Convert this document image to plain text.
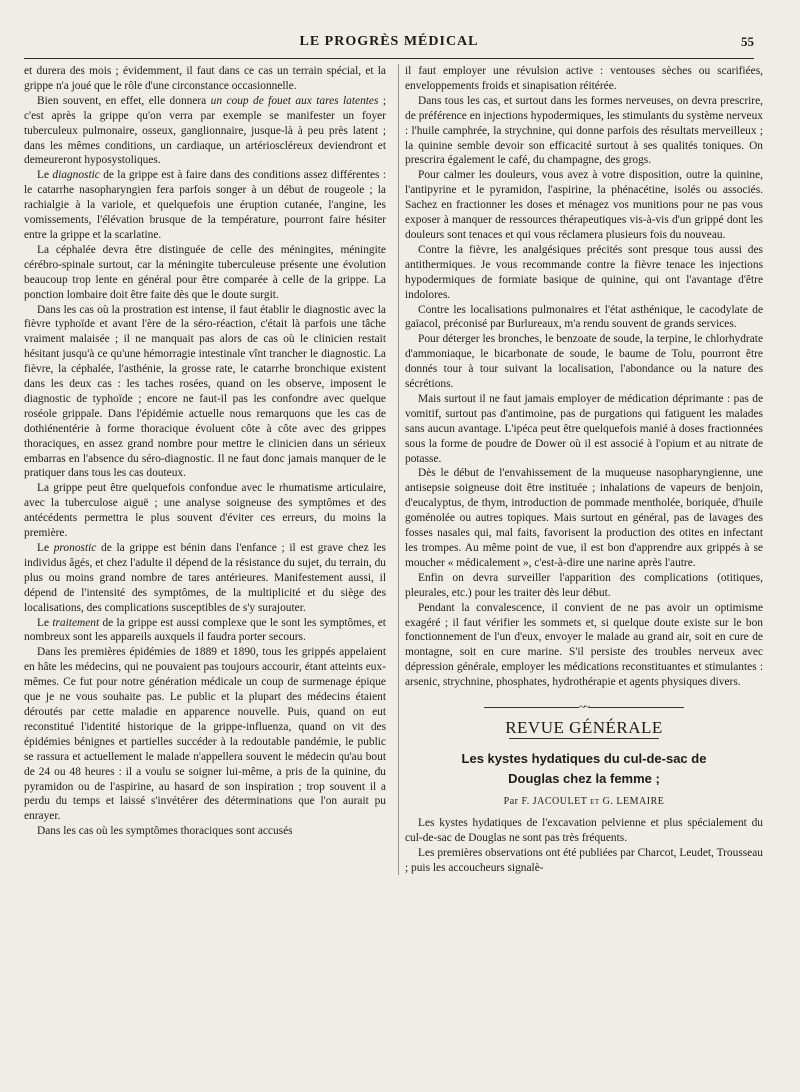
LE PROGRÈS MÉDICAL	55

et durera des mois ; évidemment, il faut dans ce cas un terrain spécial, et la grippe n'a joué que le rôle d'une circonstance occasionnelle.

Bien souvent, en effet, elle donnera un coup de fouet aux tares latentes ; c'est après la grippe qu'on verra par exemple se manifester un foyer tuberculeux pulmonaire, osseux, ganglionnaire, jusque-là à peu près latent ; dans les mêmes conditions, un cardiaque, un artérioscléreux deviendront et demeureront hyposystoliques.

Le diagnostic de la grippe est à faire dans des conditions assez différentes : le catarrhe nasopharyngien fera parfois songer à un début de rougeole ; la rachialgie à la variole, et quelquefois une éruption cutanée, l'angine, les vomissements, l'élévation brusque de la température, pourront faire hésiter entre la grippe et la scarlatine.

La céphalée devra être distinguée de celle des méningites, méningite cérébro-spinale surtout, car la méningite tuberculeuse présente une évolution beaucoup trop lente en général pour être comparée à celle de la grippe. La ponction lombaire doit être faite dès que le doute surgit.

Dans les cas où la prostration est intense, il faut établir le diagnostic avec la fièvre typhoïde et avant l'ère de la séro-réaction, c'était là parfois une tâche vraiment malaisée ; il ne manquait pas alors de cas où le clinicien restait hésitant jusqu'à ce qu'une hémorragie intestinale vînt trancher le diagnostic. La fièvre, la céphalée, l'asthénie, la grosse rate, le catarrhe bronchique existent dans les deux cas : les taches rosées, quand on les observe, imposent le diagnostic de typhoïde ; encore ne faut-il pas les confondre avec quelque roséole grippale. Dans l'épidémie actuelle nous remarquons que les cas de dothiénentérie à forme thoracique évoluent côte à côte avec des grippes thoraciques, en assez grand nombre pour mettre le clinicien dans un sérieux embarras en l'absence du séro-diagnostic. Il ne faut donc jamais manquer de le pratiquer dans tous les cas douteux.

La grippe peut être quelquefois confondue avec le rhumatisme articulaire, avec la tuberculose aiguë ; une analyse soigneuse des symptômes et des antécédents permettra le plus souvent d'éviter ces erreurs, du moins la première.

Le pronostic de la grippe est bénin dans l'enfance ; il est grave chez les individus âgés, et chez l'adulte il dépend de la résistance du sujet, du terrain, du plus ou moins grand nombre de tares antérieures. Manifestement aussi, il dépend de l'intensité des symptômes, de la multiplicité et du siège des localisations, des complications susceptibles de s'y surajouter.

Le traitement de la grippe est aussi complexe que le sont les symptômes, et nombreux sont les appareils auxquels il faudra porter secours.

Dans les premières épidémies de 1889 et 1890, tous les grippés appelaient en hâte les médecins, qui ne pouvaient pas toujours accourir, étant atteints eux-mêmes. Ce fut pour notre génération médicale un coup de surmenage épique que je ne vous souhaite pas. Le public et la plupart des médecins étaient déroutés par cette maladie en apparence nouvelle. Puis, quand on eut reconstitué l'identité historique de la grippe-influenza, quand on vit des épidémies bénignes et partielles succéder à la redoutable pandémie, le public se rassura et actuellement le malade n'appellera souvent le médecin qu'au bout de 24 ou 48 heures : il a voulu se soigner lui-même, a pris de la quinine, du pyramidon ou de l'aspirine, au hasard de son inspiration ; trop souvent il a perdu du temps et laissé s'invétérer des déterminations que l'on aurait pu enrayer.

Dans les cas où les symptômes thoraciques sont accusés

il faut employer une révulsion active : ventouses sèches ou scarifiées, enveloppements froids et sinapisation réitérée.

Dans tous les cas, et surtout dans les formes nerveuses, on devra prescrire, de préférence en injections hypodermiques, les stimulants du système nerveux : l'huile camphrée, la strychnine, qui donne parfois des résultats merveilleux ; la quinine semble devoir son efficacité surtout à ses qualités toniques. On prescrira également le café, du champagne, des grogs.

Pour calmer les douleurs, vous avez à votre disposition, outre la quinine, l'antipyrine et le pyramidon, l'aspirine, la phénacétine, isolés ou associés. Sachez en fractionner les doses et ménagez vos munitions pour ne pas vous exposer à manquer de ressources thérapeutiques vis-à-vis d'un grippé dont les douleurs sont tenaces et qui vous réclamera plusieurs fois du nouveau.

Contre la fièvre, les analgésiques précités sont presque tous aussi des antithermiques. Je vous recommande contre la fièvre tenace les injections hypodermiques de formiate basique de quinine, qui ont l'avantage d'être indolores.

Contre les localisations pulmonaires et l'état asthénique, le cacodylate de gaïacol, préconisé par Burlureaux, m'a rendu souvent de grands services.

Pour déterger les bronches, le benzoate de soude, la terpine, le chlorhydrate d'ammoniaque, le bicarbonate de soude, le baume de Tolu, pourront être donnés tour à tour suivant la localisation, l'abondance ou la nature des sécrétions.

Mais surtout il ne faut jamais employer de médication déprimante : pas de vomitif, surtout pas d'antimoine, pas de purgations qui fatiguent les malades sans aucun avantage. L'ipéca peut être quelquefois manié à doses fractionnées sous la forme de poudre de Dower où il est associé à l'opium et au nitrate de potasse.

Dès le début de l'envahissement de la muqueuse nasopharyngienne, une antisepsie soigneuse doit être instituée ; inhalations de vapeurs de benjoin, d'eucalyptus, de thym, introduction de pommade mentholée, boriquée, d'huile goménolée ou autres topiques. Mais surtout en général, pas de lavages des fosses nasales qui, mal faits, favorisent la production des otites en infectant les trompes. Au même point de vue, il est bon d'apprendre aux grippés à se moucher « médicalement », c'est-à-dire une narine après l'autre.

Enfin on devra surveiller l'apparition des complications (otitiques, pleurales, etc.) pour les traiter dès leur début.

Pendant la convalescence, il convient de ne pas avoir un optimisme exagéré ; il faut vérifier les sommets et, si quelque doute existe sur le bon fonctionnement de l'un d'eux, envoyer le malade au grand air, soit en cure de montagne, soit en cure marine. S'il persiste des troubles nerveux avec dépression générale, employer les médications reconstituantes et stimulantes : arsenic, strychnine, phosphates, hydrothérapie et agents physiques divers.

~~
REVUE GÉNÉRALE
Les kystes hydatiques du cul-de-sac de
Douglas chez la femme ;
Par F. JACOULET et G. LEMAIRE

Les kystes hydatiques de l'excavation pelvienne et plus spécialement du cul-de-sac de Douglas ne sont pas très fréquents.

Les premières observations ont été publiées par Charcot, Leudet, Trousseau ; puis les accoucheurs signalè-
